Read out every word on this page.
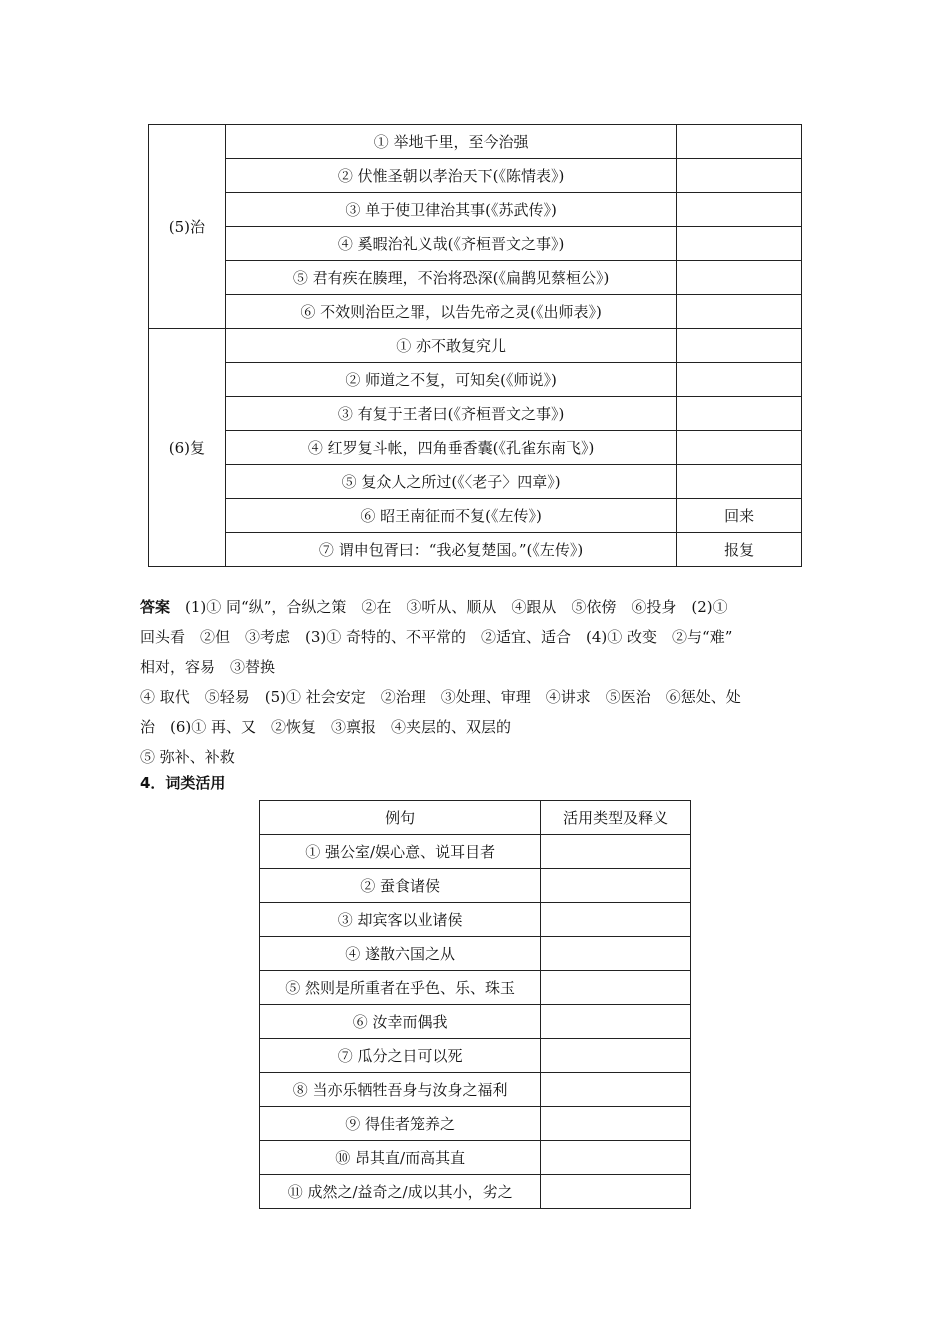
(5)治	① 举地千里，至今治强	
	② 伏惟圣朝以孝治天下(《陈情表》)	
	③ 单于使卫律治其事(《苏武传》)	
	④ 奚暇治礼义哉(《齐桓晋文之事》)	
	⑤ 君有疾在腠理，不治将恐深(《扁鹊见蔡桓公》)	
	⑥ 不效则治臣之罪，以告先帝之灵(《出师表》)	
(6)复	① 亦不敢复究儿	
	② 师道之不复，可知矣(《师说》)	
	③ 有复于王者曰(《齐桓晋文之事》)	
	④ 红罗复斗帐，四角垂香囊(《孔雀东南飞》)	
	⑤ 复众人之所过(《〈老子〉四章》)	
	⑥ 昭王南征而不复(《左传》)	回来
	⑦ 谓申包胥曰：“我必复楚国。”(《左传》)	报复

答案　 (1)① 同“纵”，合纵之策　②在　③听从、顺从　④跟从　⑤依傍　⑥投身　(2)①

回头看　②但　③考虑　(3)① 奇特的、不平常的　②适宜、适合　(4)① 改变　②与“难”

相对，容易　③替换

④ 取代　⑤轻易　(5)① 社会安定　②治理　③处理、审理　④讲求　⑤医治　⑥惩处、处

治　(6)① 再、又　②恢复　③禀报　④夹层的、双层的

⑤ 弥补、补救

4．词类活用
例句	活用类型及释义
① 强公室/娱心意、说耳目者	
② 蚕食诸侯	
③ 却宾客以业诸侯	
④ 遂散六国之从	
⑤ 然则是所重者在乎色、乐、珠玉	
⑥ 汝幸而偶我	
⑦ 瓜分之日可以死	
⑧ 当亦乐牺牲吾身与汝身之福利	
⑨ 得佳者笼养之	
⑩ 昂其直/而高其直	
⑪ 成然之/益奇之/成以其小，劣之	
